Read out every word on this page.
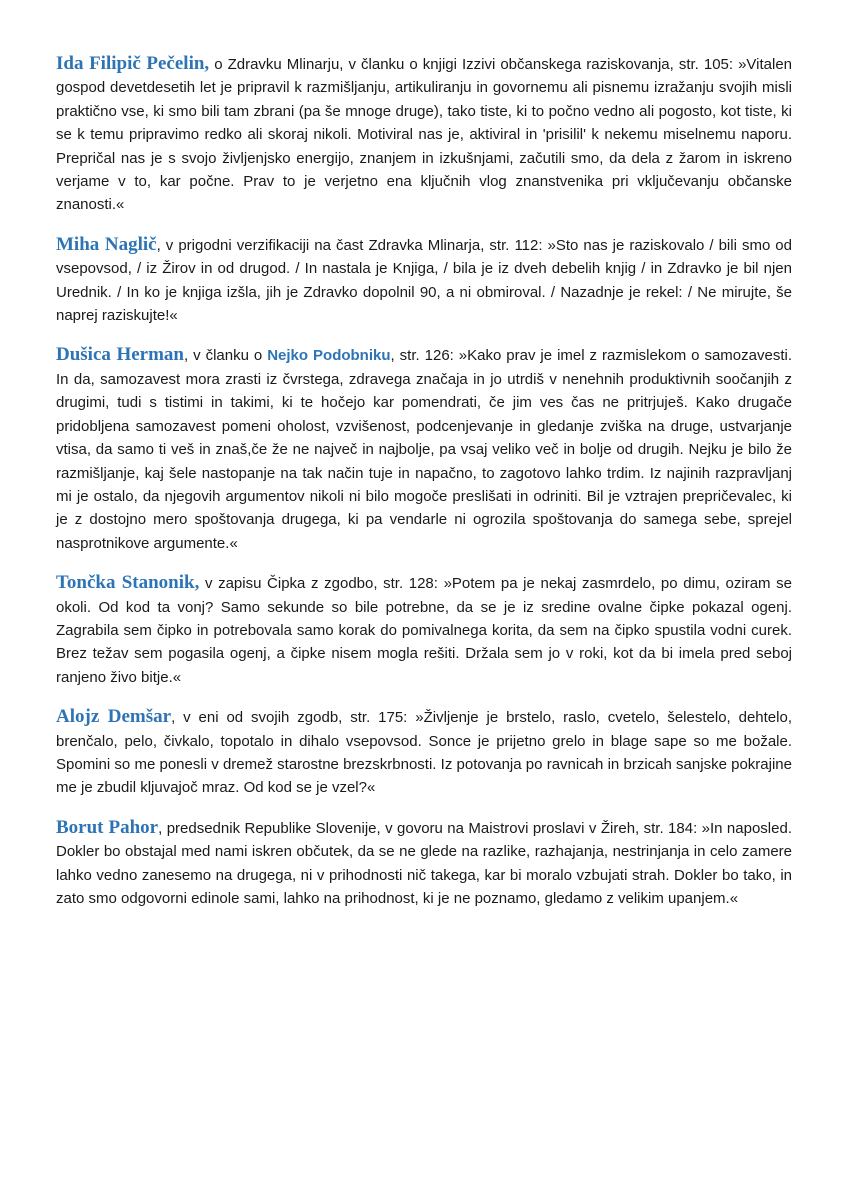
Ida Filipič Pečelin, o Zdravku Mlinarju, v članku o knjigi Izzivi občanskega raziskovanja, str. 105: »Vitalen gospod devetdesetih let je pripravil k razmišljanju, artikuliranju in govornemu ali pisnemu izražanju svojih misli praktično vse, ki smo bili tam zbrani (pa še mnoge druge), tako tiste, ki to počno vedno ali pogosto, kot tiste, ki se k temu pripravimo redko ali skoraj nikoli. Motiviral nas je, aktiviral in 'prisilil' k nekemu miselnemu naporu. Prepričal nas je s svojo življenjsko energijo, znanjem in izkušnjami, začutili smo, da dela z žarom in iskreno verjame v to, kar počne. Prav to je verjetno ena ključnih vlog znanstvenika pri vključevanju občanske znanosti.«

Miha Naglič, v prigodni verzifikaciji na čast Zdravka Mlinarja, str. 112: »Sto nas je raziskovalo / bili smo od vsepovsod, / iz Žirov in od drugod. / In nastala je Knjiga, / bila je iz dveh debelih knjig / in Zdravko je bil njen Urednik. / In ko je knjiga izšla, jih je Zdravko dopolnil 90, a ni obmiroval. / Nazadnje je rekel: / Ne mirujte, še naprej raziskujte!«

Dušica Herman, v članku o Nejko Podobniku, str. 126: »Kako prav je imel z razmislekom o samozavesti. In da, samozavest mora zrasti iz čvrstega, zdravega značaja in jo utrdiš v nenehnih produktivnih soočanjih z drugimi, tudi s tistimi in takimi, ki te hočejo kar pomendrati, če jim ves čas ne pritrjuješ. Kako drugače pridobljena samozavest pomeni oholost, vzvišenost, podcenjevanje in gledanje zviška na druge, ustvarjanje vtisa, da samo ti veš in znaš,če že ne največ in najbolje, pa vsaj veliko več in bolje od drugih. Nejku je bilo že razmišljanje, kaj šele nastopanje na tak način tuje in napačno, to zagotovo lahko trdim. Iz najinih razpravljanj mi je ostalo, da njegovih argumentov nikoli ni bilo mogoče preslišati in odriniti. Bil je vztrajen prepričevalec, ki je z dostojno mero spoštovanja drugega, ki pa vendarle ni ogrozila spoštovanja do samega sebe, sprejel nasprotnikove argumente.«

Tončka Stanonik, v zapisu Čipka z zgodbo, str. 128: »Potem pa je nekaj zasmrdelo, po dimu, oziram se okoli. Od kod ta vonj? Samo sekunde so bile potrebne, da se je iz sredine ovalne čipke pokazal ogenj. Zagrabila sem čipko in potrebovala samo korak do pomivalnega korita, da sem na čipko spustila vodni curek. Brez težav sem pogasila ogenj, a čipke nisem mogla rešiti. Držala sem jo v roki, kot da bi imela pred seboj ranjeno živo bitje.«

Alojz Demšar, v eni od svojih zgodb, str. 175: »Življenje je brstelo, raslo, cvetelo, šelestelo, dehtelo, brenčalo, pelo, čivkalo, topotalo in dihalo vsepovsod. Sonce je prijetno grelo in blage sape so me božale. Spomini so me ponesli v dremež starostne brezskrbnosti. Iz potovanja po ravnicah in brzicah sanjske pokrajine me je zbudil kljuvajoč mraz. Od kod se je vzel?«

Borut Pahor, predsednik Republike Slovenije, v govoru na Maistrovi proslavi v Žireh, str. 184: »In naposled. Dokler bo obstajal med nami iskren občutek, da se ne glede na razlike, razhajanja, nestrinjanja in celo zamere lahko vedno zanesemo na drugega, ni v prihodnosti nič takega, kar bi moralo vzbujati strah. Dokler bo tako, in zato smo odgovorni edinole sami, lahko na prihodnost, ki je ne poznamo, gledamo z velikim upanjem.«
